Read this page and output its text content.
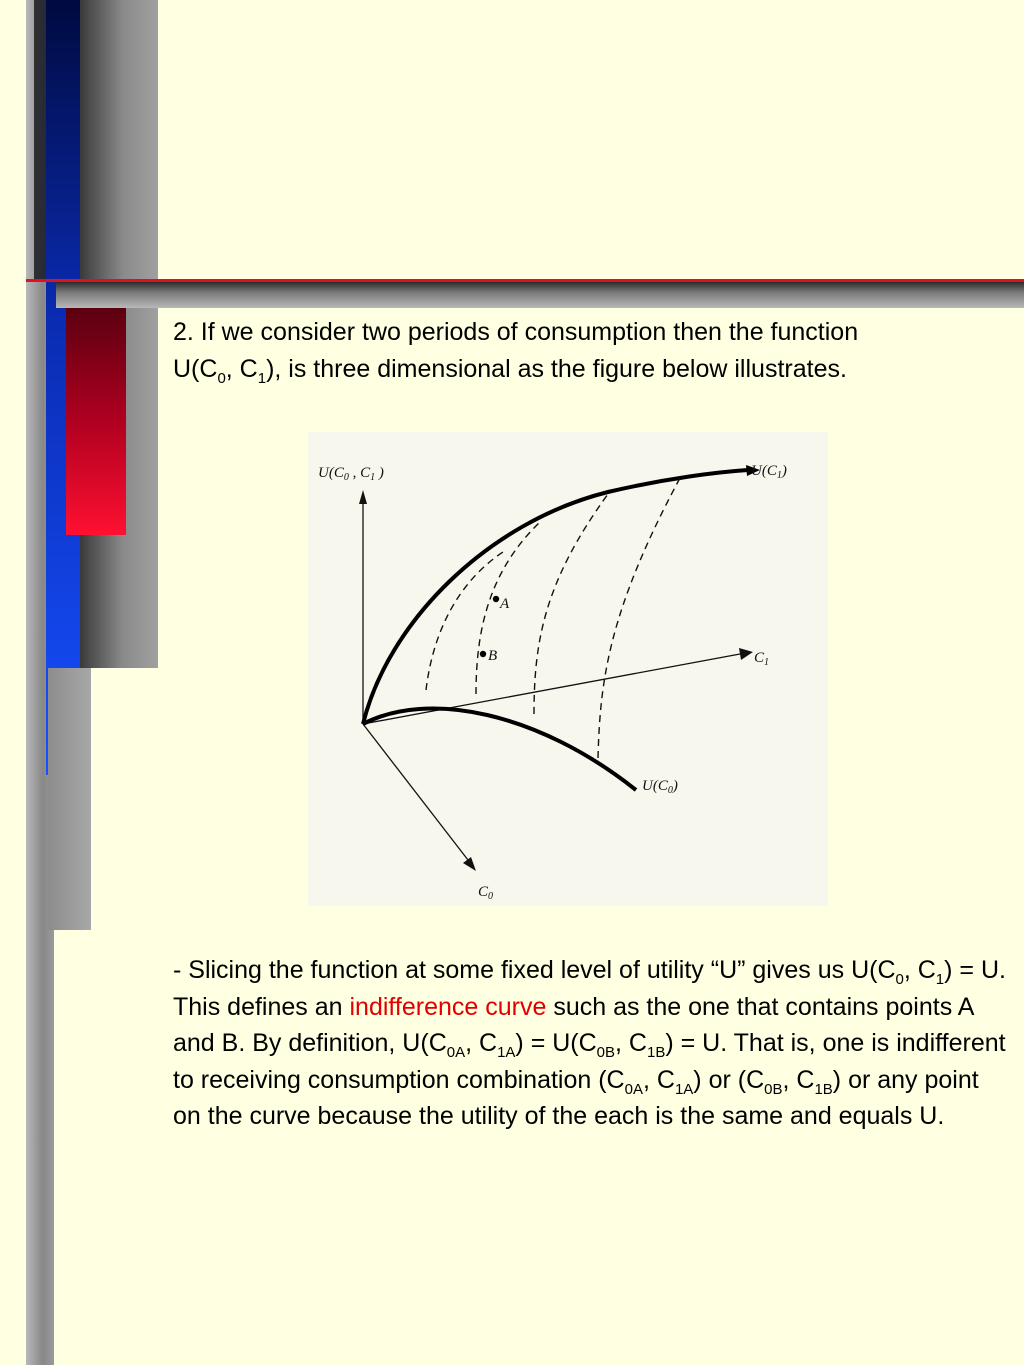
2. If we consider two periods of consumption then the function
$U(C_0$, $C_1$), is three dimensional as the figure below illustrates.
$U(C_0$ , $C_1$ )	$U(C_1)$
$U(C_0)$
$C_1$
$C_0$
A
B
- Slicing the function at some fixed level of utility “U” gives us $U(C_0$, $C_1) = U$. This defines an indifference curve such as the one that contains points A and B. By definition, $U(C_{0A}$, $C_{1A}) = U(C_{0B}$, $C_{1B}) = U$. That is, one is indifferent to receiving consumption combination ($C_{0A}$, $C_{1A}$) or ($C_{0B}$, $C_{1B}$) or any point on the curve because the utility of the each is the same and equals U.
